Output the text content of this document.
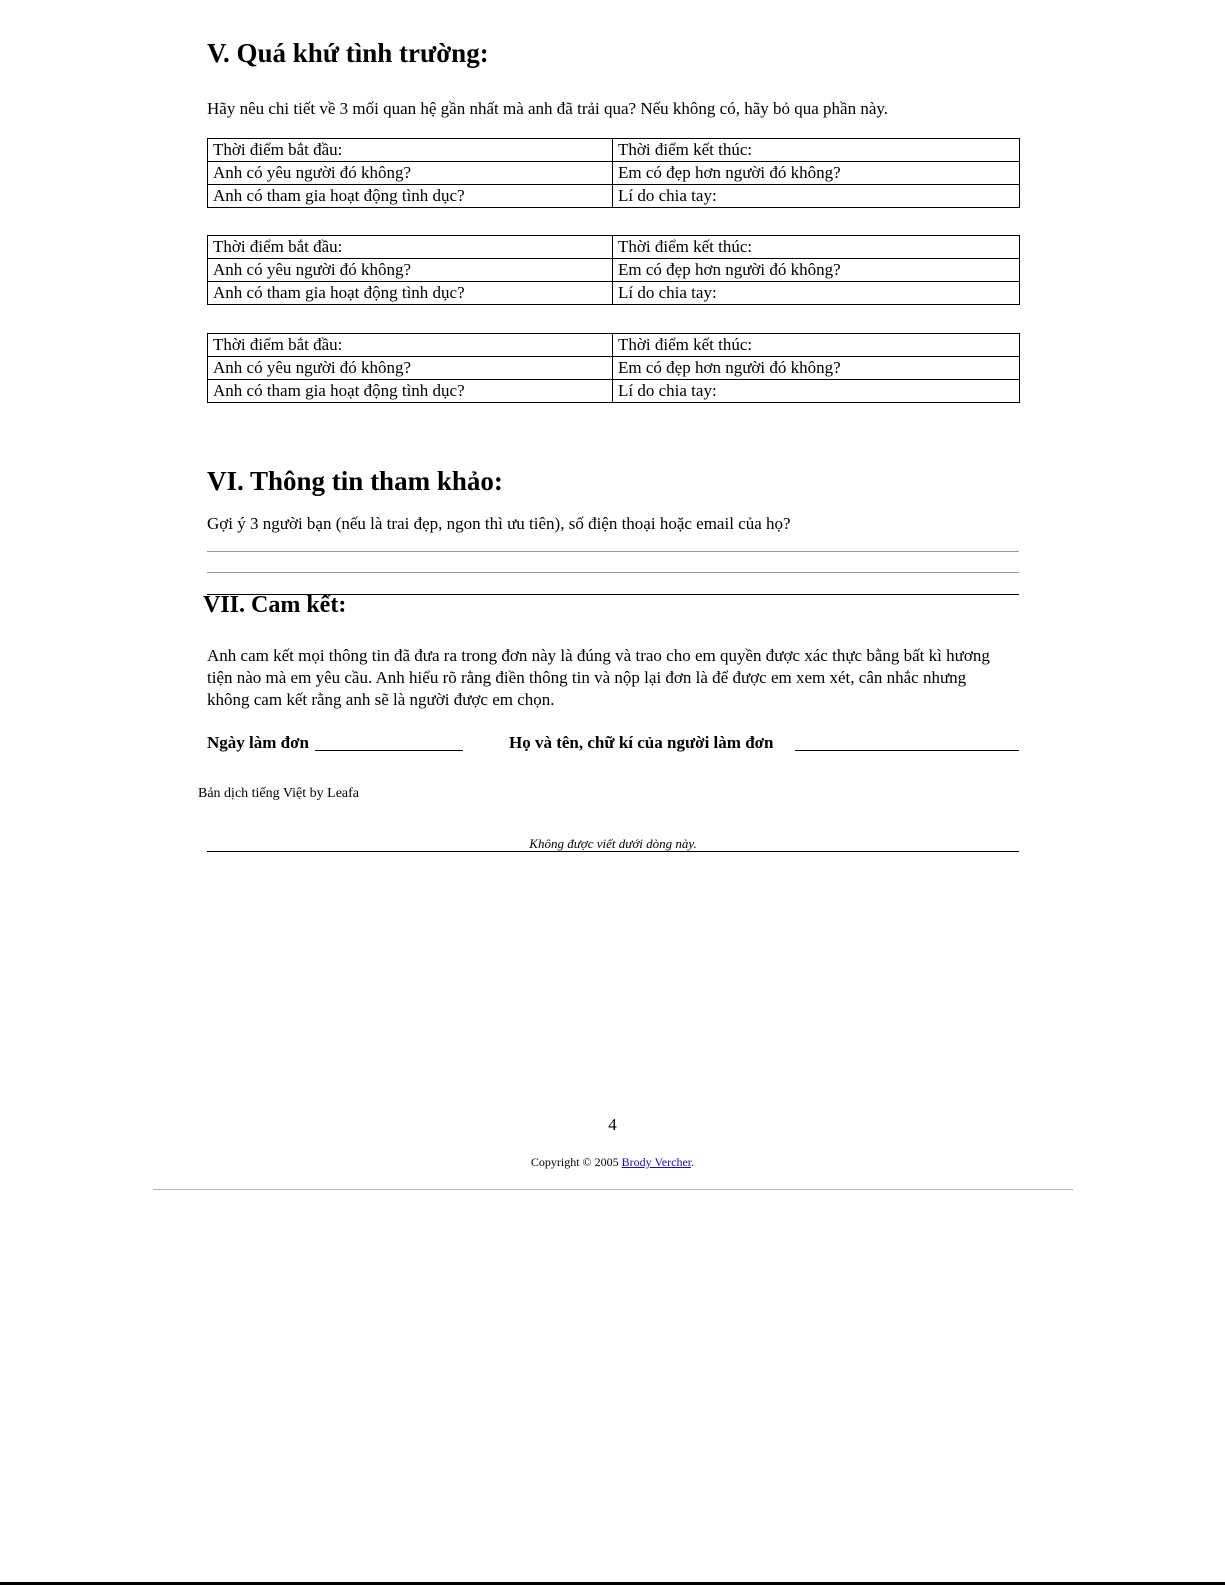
V. Quá khứ tình trường:
Hãy nêu chi tiết về 3 mối quan hệ gần nhất mà anh đã trải qua? Nếu không có, hãy bỏ qua phần này.
Thời điểm bắt đầu:	Thời điểm kết thúc:
Anh có yêu người đó không?	Em có đẹp hơn người đó không?
Anh có tham gia hoạt động tình dục?	Lí do chia tay:
Thời điểm bắt đầu:	Thời điểm kết thúc:
Anh có yêu người đó không?	Em có đẹp hơn người đó không?
Anh có tham gia hoạt động tình dục?	Lí do chia tay:
Thời điểm bắt đầu:	Thời điểm kết thúc:
Anh có yêu người đó không?	Em có đẹp hơn người đó không?
Anh có tham gia hoạt động tình dục?	Lí do chia tay:
VI. Thông tin tham khảo:
Gợi ý 3 người bạn (nếu là trai đẹp, ngon thì ưu tiên), số điện thoại hoặc email của họ?
VII. Cam kết:
Anh cam kết mọi thông tin đã đưa ra trong đơn này là đúng và trao cho em quyền được xác thực bằng bất kì hương
tiện nào mà em yêu cầu. Anh hiểu rõ rằng điền thông tin và nộp lại đơn là để được em xem xét, cân nhắc nhưng
không cam kết rằng anh sẽ là người được em chọn.
Ngày làm đơn	Họ và tên, chữ kí của người làm đơn
Bản dịch tiếng Việt by Leafa
Không được viết dưới dòng này.
4
Copyright © 2005 Brody Vercher.
